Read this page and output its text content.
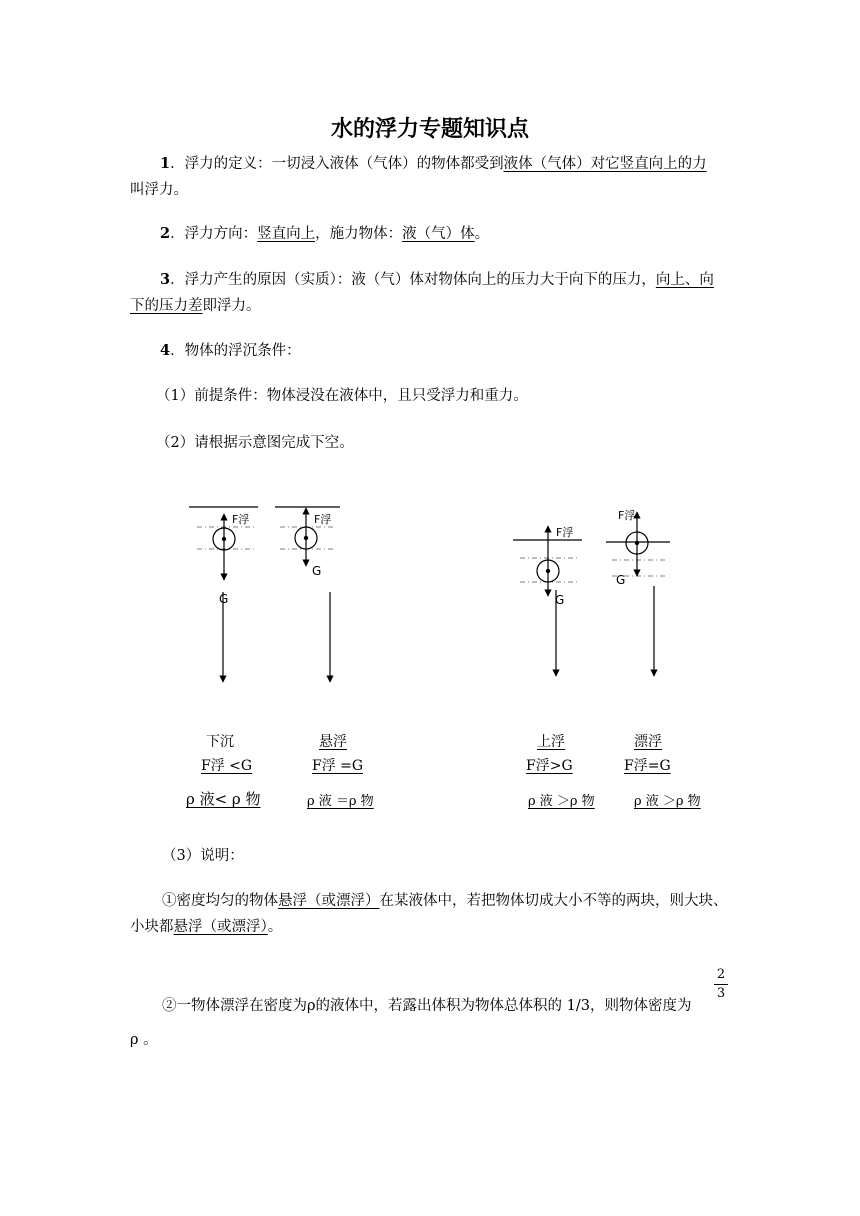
水的浮力专题知识点
1．浮力的定义：一切浸入液体（气体）的物体都受到液体（气体）对它竖直向上的力
叫浮力。
2．浮力方向：竖直向上，施力物体：液（气）体。
3．浮力产生的原因（实质）：液（气）体对物体向上的压力大于向下的压力，向上、向
下的压力差即浮力。
4．物体的浮沉条件：
（1）前提条件：物体浸没在液体中，且只受浮力和重力。
（2）请根据示意图完成下空。
F浮
G
F浮
G
F浮
G
F浮
G
下沉	悬浮	上浮	漂浮
F浮 <G	F浮 =G	F浮>G	F浮=G
ρ 液< ρ 物	ρ 液 ＝ρ 物	ρ 液 ＞ρ 物	ρ 液 ＞ρ 物
（3）说明：
①密度均匀的物体悬浮（或漂浮）在某液体中，若把物体切成大小不等的两块，则大块、
小块都悬浮（或漂浮）。
②一物体漂浮在密度为ρ的液体中，若露出体积为物体总体积的 1/3，则物体密度为
2
3
ρ 。
